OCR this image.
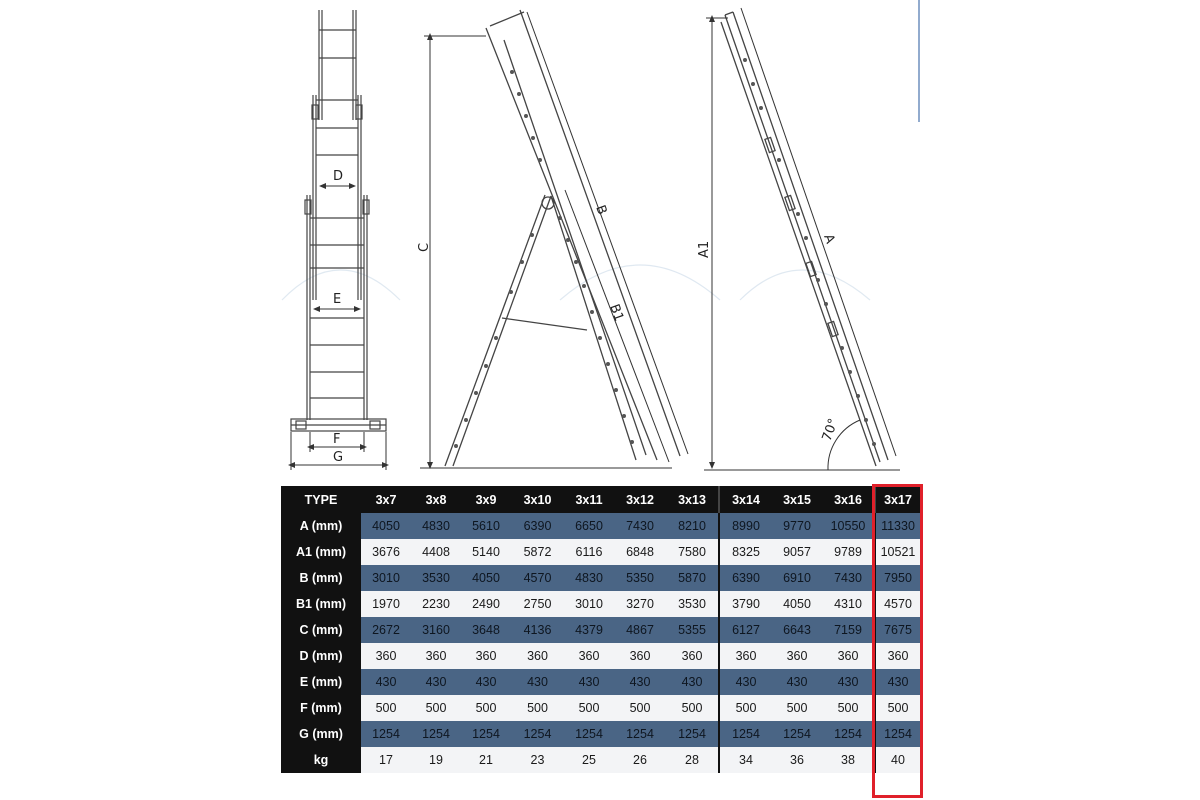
D
E
F
G
C
B
B1
A1
A
70°
TYPE	3x7	3x8	3x9	3x10	3x11	3x12	3x13	3x14	3x15	3x16	3x17
A (mm)	4050	4830	5610	6390	6650	7430	8210	8990	9770	10550	11330
A1 (mm)	3676	4408	5140	5872	6116	6848	7580	8325	9057	9789	10521
B (mm)	3010	3530	4050	4570	4830	5350	5870	6390	6910	7430	7950
B1 (mm)	1970	2230	2490	2750	3010	3270	3530	3790	4050	4310	4570
C (mm)	2672	3160	3648	4136	4379	4867	5355	6127	6643	7159	7675
D (mm)	360	360	360	360	360	360	360	360	360	360	360
E (mm)	430	430	430	430	430	430	430	430	430	430	430
F (mm)	500	500	500	500	500	500	500	500	500	500	500
G (mm)	1254	1254	1254	1254	1254	1254	1254	1254	1254	1254	1254
kg	17	19	21	23	25	26	28	34	36	38	40
